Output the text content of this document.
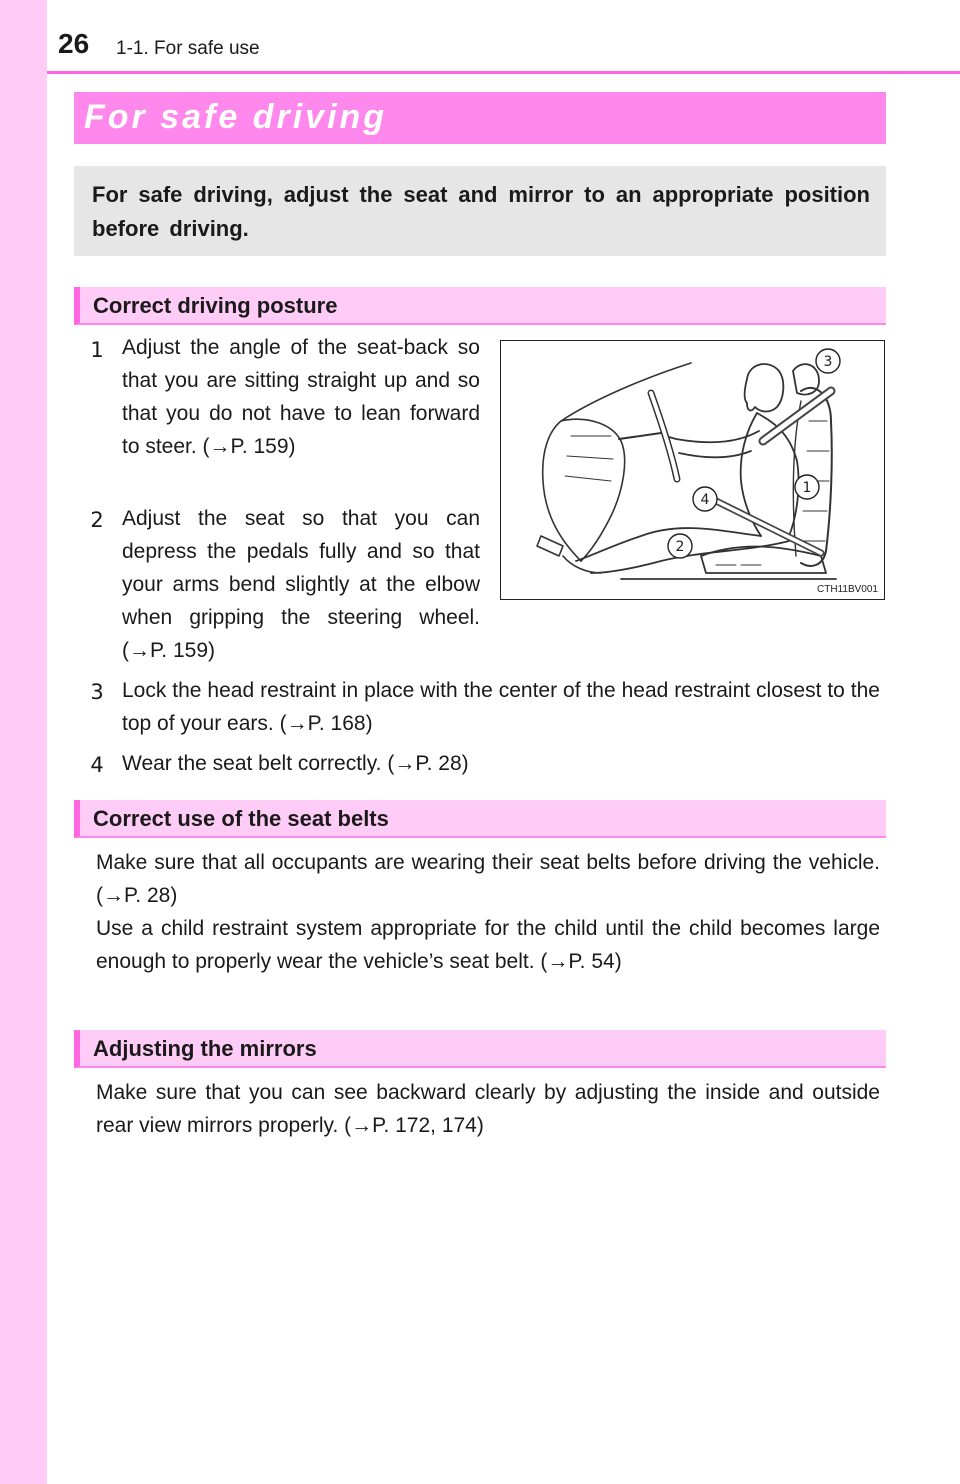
26 1-1. For safe use
For safe driving

For safe driving, adjust the seat and mirror to an appropriate position before driving.

Correct driving posture
1 Adjust the angle of the seat-back so that you are sitting straight up and so that you do not have to lean forward to steer. (→P. 159)
2 Adjust the seat so that you can depress the pedals fully and so that your arms bend slightly at the elbow when gripping the steering wheel. (→P. 159)
3
4
1
2
CTH11BV001
3 Lock the head restraint in place with the center of the head restraint closest to the top of your ears. (→P. 168)
4 Wear the seat belt correctly. (→P. 28)
Correct use of the seat belts
Make sure that all occupants are wearing their seat belts before driving the vehicle. (→P. 28)
Use a child restraint system appropriate for the child until the child becomes large enough to properly wear the vehicle’s seat belt. (→P. 54)
Adjusting the mirrors
Make sure that you can see backward clearly by adjusting the inside and outside rear view mirrors properly. (→P. 172, 174)
